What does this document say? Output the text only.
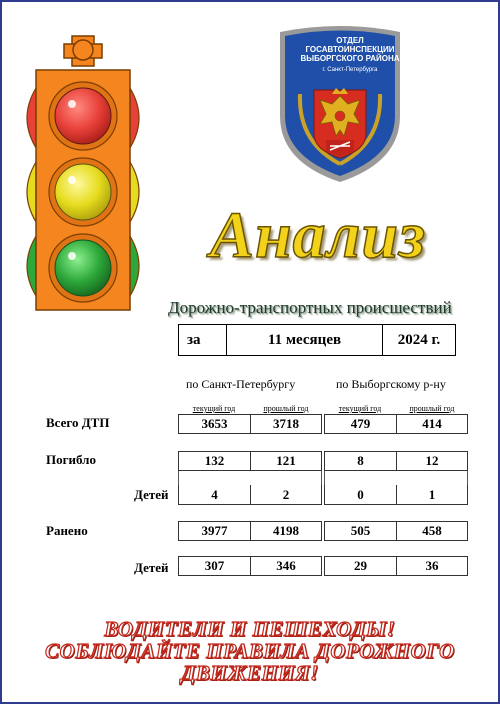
ОТДЕЛ
ГОСАВТОИНСПЕКЦИИ
ВЫБОРГСКОГО РАЙОНА
г. Санкт-Петербурга
Анализ
Дорожно-транспортных происшествий
за	11 месяцев	2024 г.
по Санкт-Петербургу	по Выборгскому р-ну
текущий год	прошлый год	текущий год	прошлый год
Всего ДТП	3653	3718	479	414
Погибло	132	121	8	12
Детей	4	2	0	1
Ранено	3977	4198	505	458
Детей	307	346	29	36
ВОДИТЕЛИ И ПЕШЕХОДЫ!
СОБЛЮДАЙТЕ ПРАВИЛА ДОРОЖНОГО
ДВИЖЕНИЯ!
